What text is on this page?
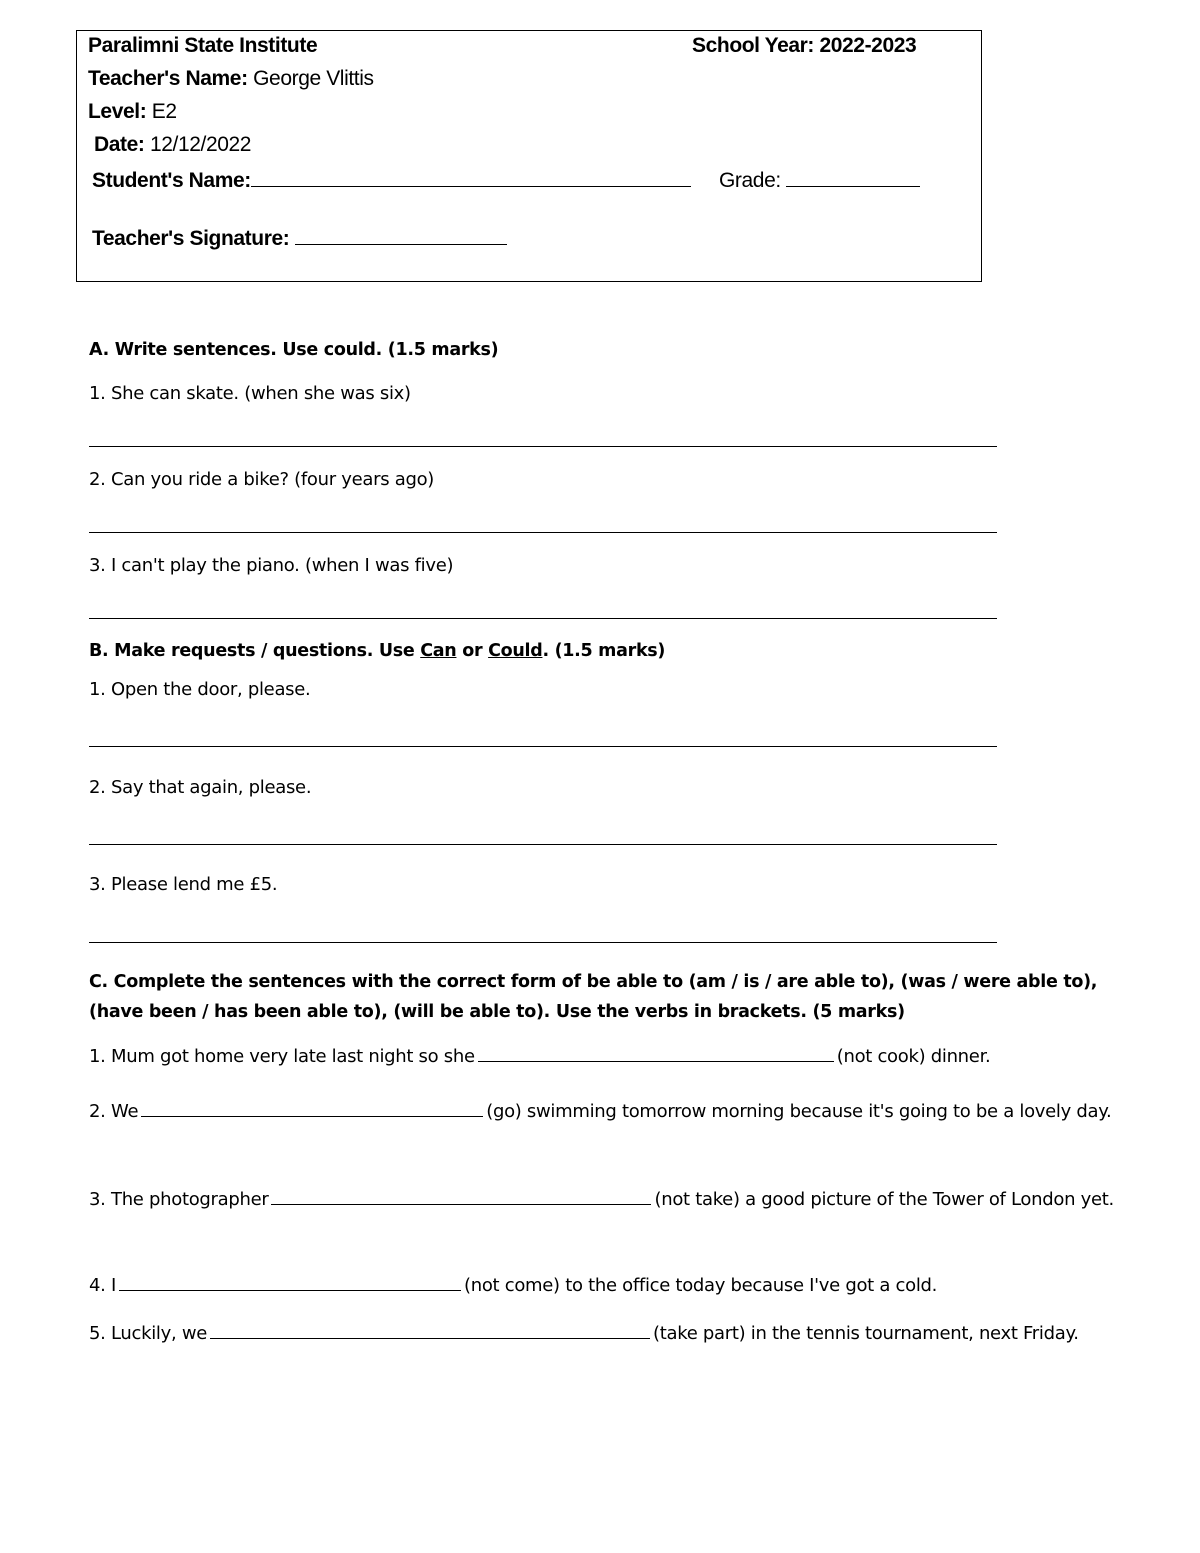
Paralimni State Institute	School Year: 2022-2023
Teacher's Name: George Vlittis
Level: E2
Date: 12/12/2022
Student's Name:	Grade:
Teacher's Signature:
A. Write sentences. Use could. (1.5 marks)
1. She can skate. (when she was six)
2. Can you ride a bike? (four years ago)
3. I can't play the piano. (when I was five)
B. Make requests / questions. Use Can or Could. (1.5 marks)
1. Open the door, please.
2. Say that again, please.
3. Please lend me £5.
C. Complete the sentences with the correct form of be able to (am / is / are able to), (was / were able to), (have been / has been able to), (will be able to). Use the verbs in brackets. (5 marks)
1. Mum got home very late last night so she	(not cook) dinner.
2. We	(go) swimming tomorrow morning because it's going to be a lovely day.
3. The photographer	(not take) a good picture of the Tower of London yet.
4. I	(not come) to the office today because I've got a cold.
5. Luckily, we	(take part) in the tennis tournament, next Friday.
